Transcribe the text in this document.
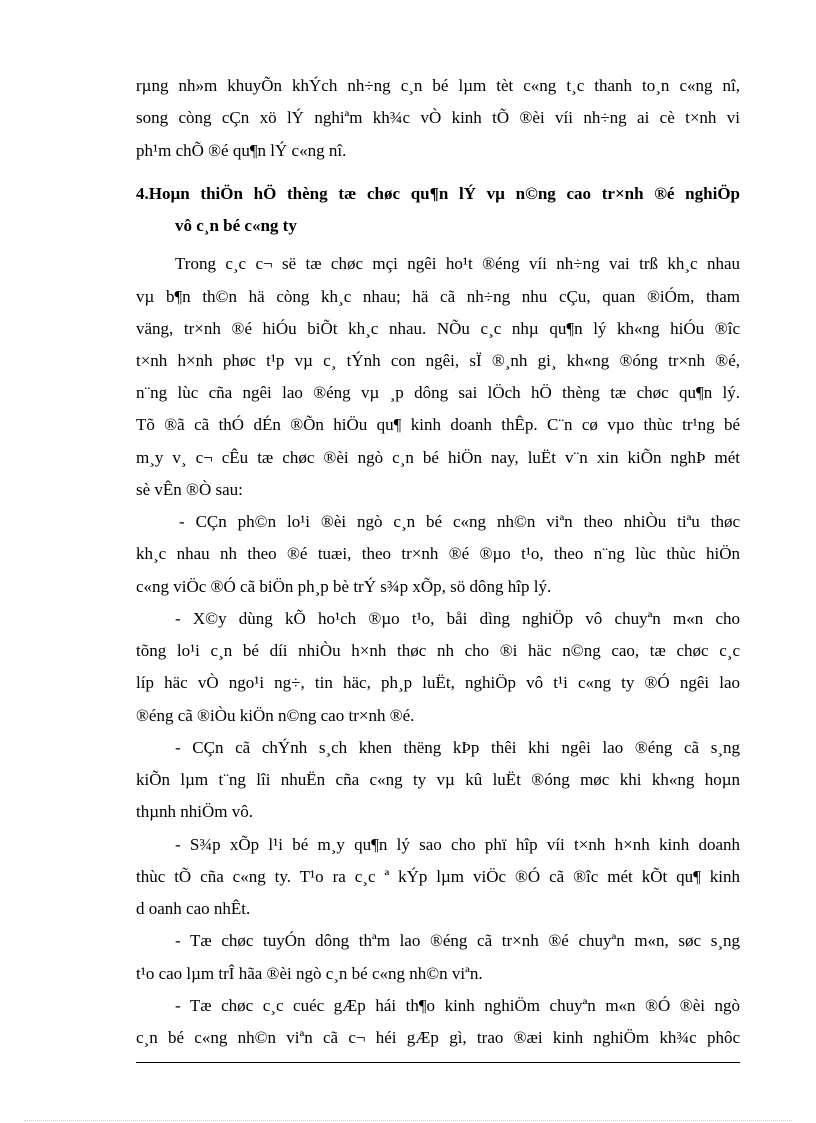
rµng nh»m khuyÕn khÝch nh÷ng c¸n bé lµm tèt c«ng t¸c thanh to¸n c«ng nî,
song còng cÇn xö lÝ nghiªm kh¾c vÒ kinh tÕ ®èi víi nh÷ng ai cè t×nh vi
ph¹m chÕ ®é qu¶n lÝ c«ng nî.
4.Hoµn thiÖn hÖ thèng tæ chøc qu¶n lÝ vµ n©ng cao tr×nh ®é nghiÖp
vô c¸n bé c«ng ty
Trong c¸c c¬ së tæ chøc mçi ngêi ho¹t ®éng víi nh÷ng vai trß kh¸c nhau
vµ b¶n th©n hä còng kh¸c nhau; hä cã nh÷ng nhu cÇu, quan ®iÓm, tham
väng, tr×nh ®é hiÓu biÕt kh¸c nhau. NÕu c¸c nhµ qu¶n lý kh«ng hiÓu ®îc
t×nh h×nh phøc t¹p vµ c¸ tÝnh con ngêi, sÏ ®¸nh gi¸ kh«ng ®óng tr×nh ®é,
n¨ng lùc cña ngêi lao ®éng vµ ¸p dông sai lÖch hÖ thèng tæ chøc qu¶n lý.
Tõ ®ã cã thÓ dÉn ®Õn hiÖu qu¶ kinh doanh thÊp. C¨n cø vµo thùc tr¹ng bé
m¸y v¸ c¬ cÊu tæ chøc ®èi ngò c¸n bé hiÖn nay, luËt v¨n xin kiÕn nghÞ mét
sè vÊn ®Ò sau:
- CÇn ph©n lo¹i ®èi ngò c¸n bé c«ng nh©n viªn theo nhiÒu tiªu thøc
kh¸c nhau nh theo ®é tuæi, theo tr×nh ®é ®µo t¹o, theo n¨ng lùc thùc hiÖn
c«ng viÖc ®Ó cã biÖn ph¸p bè trÝ s¾p xÕp, sö dông hîp lý.
- X©y dùng kÕ ho¹ch ®µo t¹o, båi dìng nghiÖp vô chuyªn m«n cho
tõng lo¹i c¸n bé díi nhiÒu h×nh thøc nh cho ®i häc n©ng cao, tæ chøc c¸c
líp häc vÒ ngo¹i ng÷, tin häc, ph¸p luËt, nghiÖp vô t¹i c«ng ty ®Ó ngêi lao
®éng cã ®iÒu kiÖn n©ng cao tr×nh ®é.
- CÇn cã chÝnh s¸ch khen thëng kÞp thêi khi ngêi lao ®éng cã s¸ng
kiÕn lµm t¨ng lîi nhuËn cña c«ng ty vµ kû luËt ®óng møc khi kh«ng hoµn
thµnh nhiÖm vô.
- S¾p xÕp l¹i bé m¸y qu¶n lý sao cho phï hîp víi t×nh h×nh kinh doanh
thùc tÕ cña c«ng ty. T¹o ra c¸c ª kÝp lµm viÖc ®Ó cã ®îc mét kÕt qu¶ kinh
d oanh cao nhÊt.
- Tæ chøc tuyÓn dông thªm lao ®éng cã tr×nh ®é chuyªn m«n, søc s¸ng
t¹o cao lµm trÎ hãa ®èi ngò c¸n bé c«ng nh©n viªn.
- Tæ chøc c¸c cuéc gÆp hái th¶o kinh nghiÖm chuyªn m«n ®Ó ®èi ngò
c¸n bé c«ng nh©n viªn cã c¬ héi gÆp gì, trao ®æi kinh nghiÖm kh¾c phôc
